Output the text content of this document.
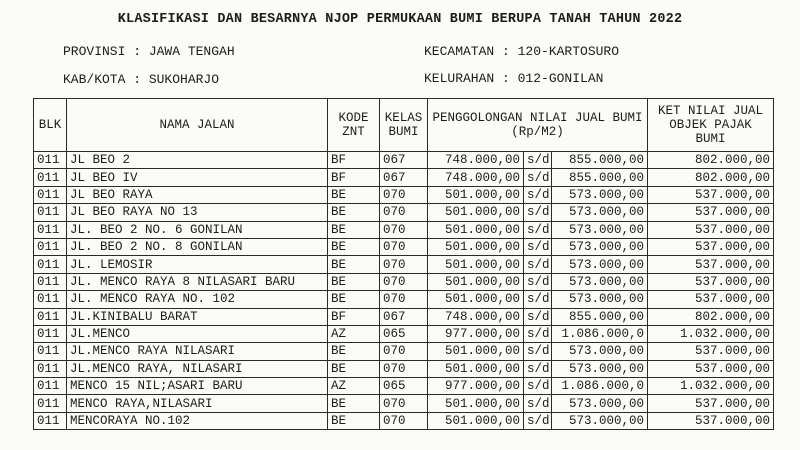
KLASIFIKASI DAN BESARNYA NJOP PERMUKAAN BUMI BERUPA TANAH TAHUN 2022
PROVINSI : JAWA TENGAH
KAB/KOTA : SUKOHARJO
KECAMATAN : 120-KARTOSURO
KELURAHAN : 012-GONILAN
BLK	NAMA JALAN	KODE ZNT	KELAS BUMI	PENGGOLONGAN NILAI JUAL BUMI (Rp/M2)			KET NILAI JUAL OBJEK PAJAK BUMI
011	JL BEO 2	BF	067	748.000,00	s/d	855.000,00	802.000,00
011	JL BEO IV	BF	067	748.000,00	s/d	855.000,00	802.000,00
011	JL BEO RAYA	BE	070	501.000,00	s/d	573.000,00	537.000,00
011	JL BEO RAYA NO 13	BE	070	501.000,00	s/d	573.000,00	537.000,00
011	JL. BEO 2 NO. 6 GONILAN	BE	070	501.000,00	s/d	573.000,00	537.000,00
011	JL. BEO 2 NO. 8 GONILAN	BE	070	501.000,00	s/d	573.000,00	537.000,00
011	JL. LEMOSIR	BE	070	501.000,00	s/d	573.000,00	537.000,00
011	JL. MENCO RAYA 8 NILASARI BARU	BE	070	501.000,00	s/d	573.000,00	537.000,00
011	JL. MENCO RAYA NO. 102	BE	070	501.000,00	s/d	573.000,00	537.000,00
011	JL.KINIBALU BARAT	BF	067	748.000,00	s/d	855.000,00	802.000,00
011	JL.MENCO	AZ	065	977.000,00	s/d	1.086.000,0	1.032.000,00
011	JL.MENCO RAYA NILASARI	BE	070	501.000,00	s/d	573.000,00	537.000,00
011	JL.MENCO RAYA, NILASARI	BE	070	501.000,00	s/d	573.000,00	537.000,00
011	MENCO 15 NIL;ASARI BARU	AZ	065	977.000,00	s/d	1.086.000,0	1.032.000,00
011	MENCO RAYA,NILASARI	BE	070	501.000,00	s/d	573.000,00	537.000,00
011	MENCORAYA NO.102	BE	070	501.000,00	s/d	573.000,00	537.000,00
